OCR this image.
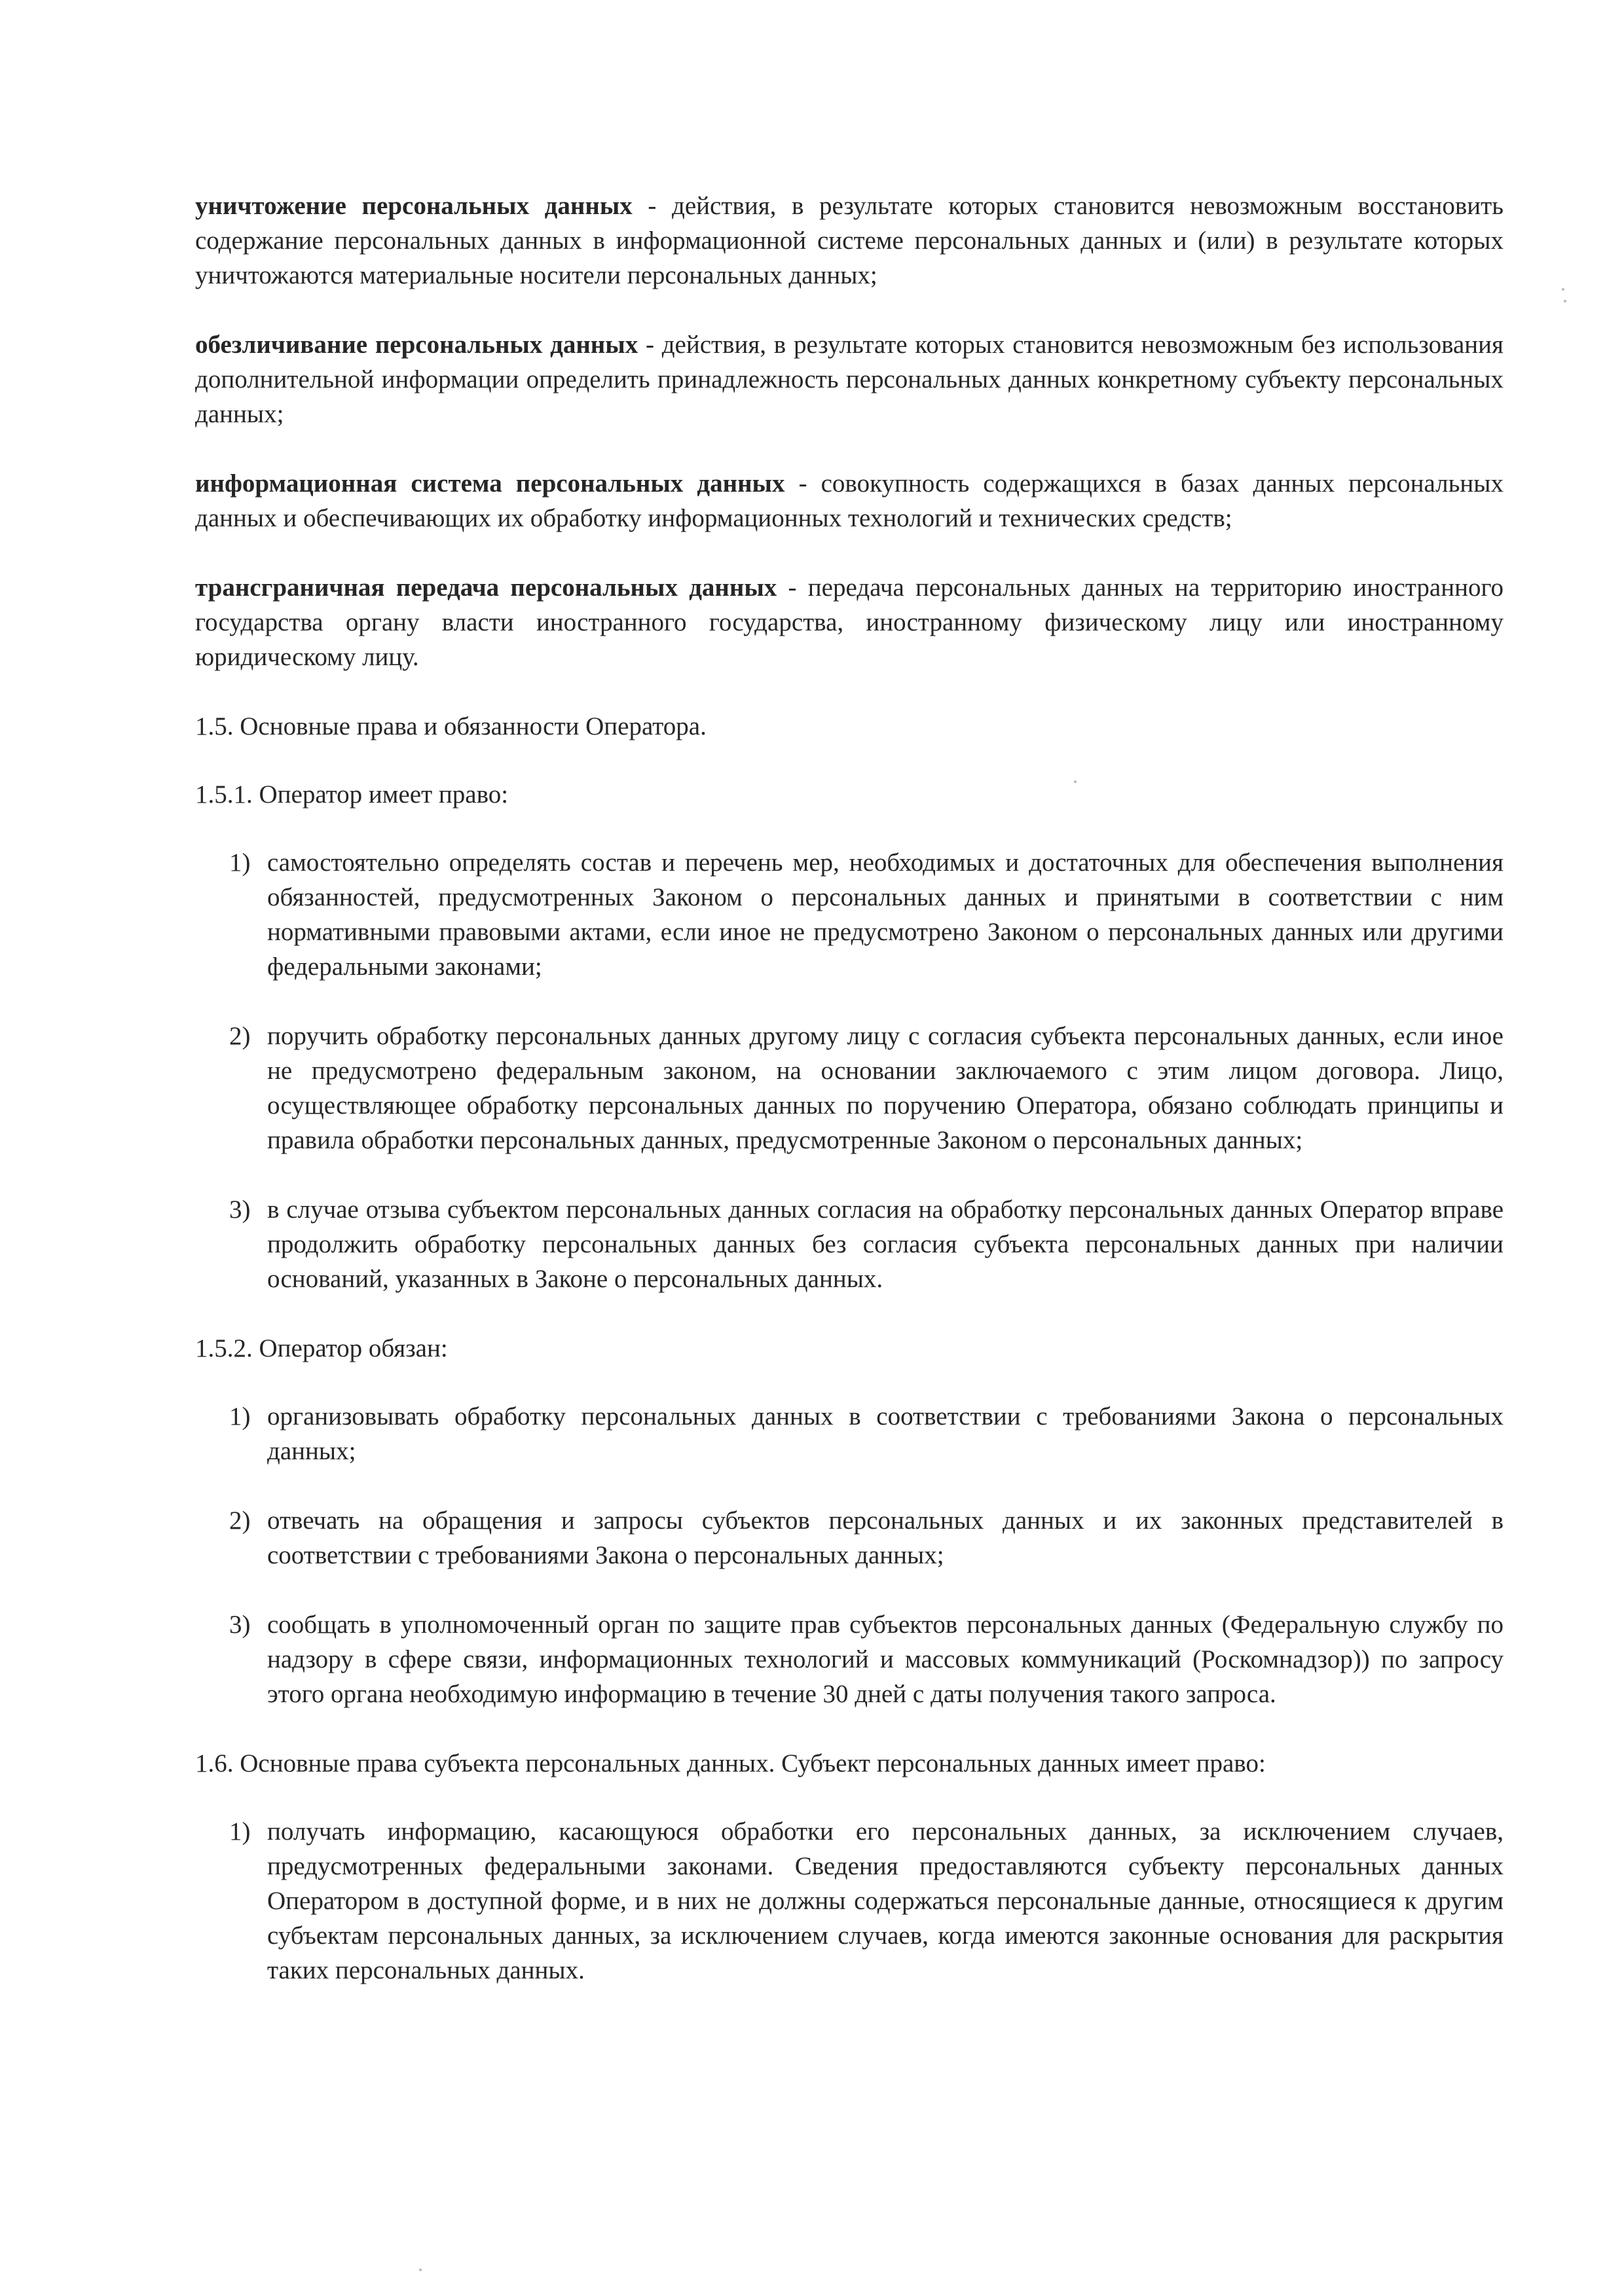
уничтожение персональных данных - действия, в результате которых становится невозможным восстановить содержание персональных данных в информационной системе персональных данных и (или) в результате которых уничтожаются материальные носители персональных данных;

обезличивание персональных данных - действия, в результате которых становится невозможным без использования дополнительной информации определить принадлежность персональных данных конкретному субъекту персональных данных;

информационная система персональных данных - совокупность содержащихся в базах данных персональных данных и обеспечивающих их обработку информационных технологий и технических средств;

трансграничная передача персональных данных - передача персональных данных на территорию иностранного государства органу власти иностранного государства, иностранному физическому лицу или иностранному юридическому лицу.

1.5. Основные права и обязанности Оператора.

1.5.1. Оператор имеет право:

1) самостоятельно определять состав и перечень мер, необходимых и достаточных для обеспечения выполнения обязанностей, предусмотренных Законом о персональных данных и принятыми в соответствии с ним нормативными правовыми актами, если иное не предусмотрено Законом о персональных данных или другими федеральными законами;
2) поручить обработку персональных данных другому лицу с согласия субъекта персональных данных, если иное не предусмотрено федеральным законом, на основании заключаемого с этим лицом договора. Лицо, осуществляющее обработку персональных данных по поручению Оператора, обязано соблюдать принципы и правила обработки персональных данных, предусмотренные Законом о персональных данных;
3) в случае отзыва субъектом персональных данных согласия на обработку персональных данных Оператор вправе продолжить обработку персональных данных без согласия субъекта персональных данных при наличии оснований, указанных в Законе о персональных данных.

1.5.2. Оператор обязан:

1) организовывать обработку персональных данных в соответствии с требованиями Закона о персональных данных;
2) отвечать на обращения и запросы субъектов персональных данных и их законных представителей в соответствии с требованиями Закона о персональных данных;
3) сообщать в уполномоченный орган по защите прав субъектов персональных данных (Федеральную службу по надзору в сфере связи, информационных технологий и массовых коммуникаций (Роскомнадзор)) по запросу этого органа необходимую информацию в течение 30 дней с даты получения такого запроса.

1.6. Основные права субъекта персональных данных. Субъект персональных данных имеет право:

1) получать информацию, касающуюся обработки его персональных данных, за исключением случаев, предусмотренных федеральными законами. Сведения предоставляются субъекту персональных данных Оператором в доступной форме, и в них не должны содержаться персональные данные, относящиеся к другим субъектам персональных данных, за исключением случаев, когда имеются законные основания для раскрытия таких персональных данных.
